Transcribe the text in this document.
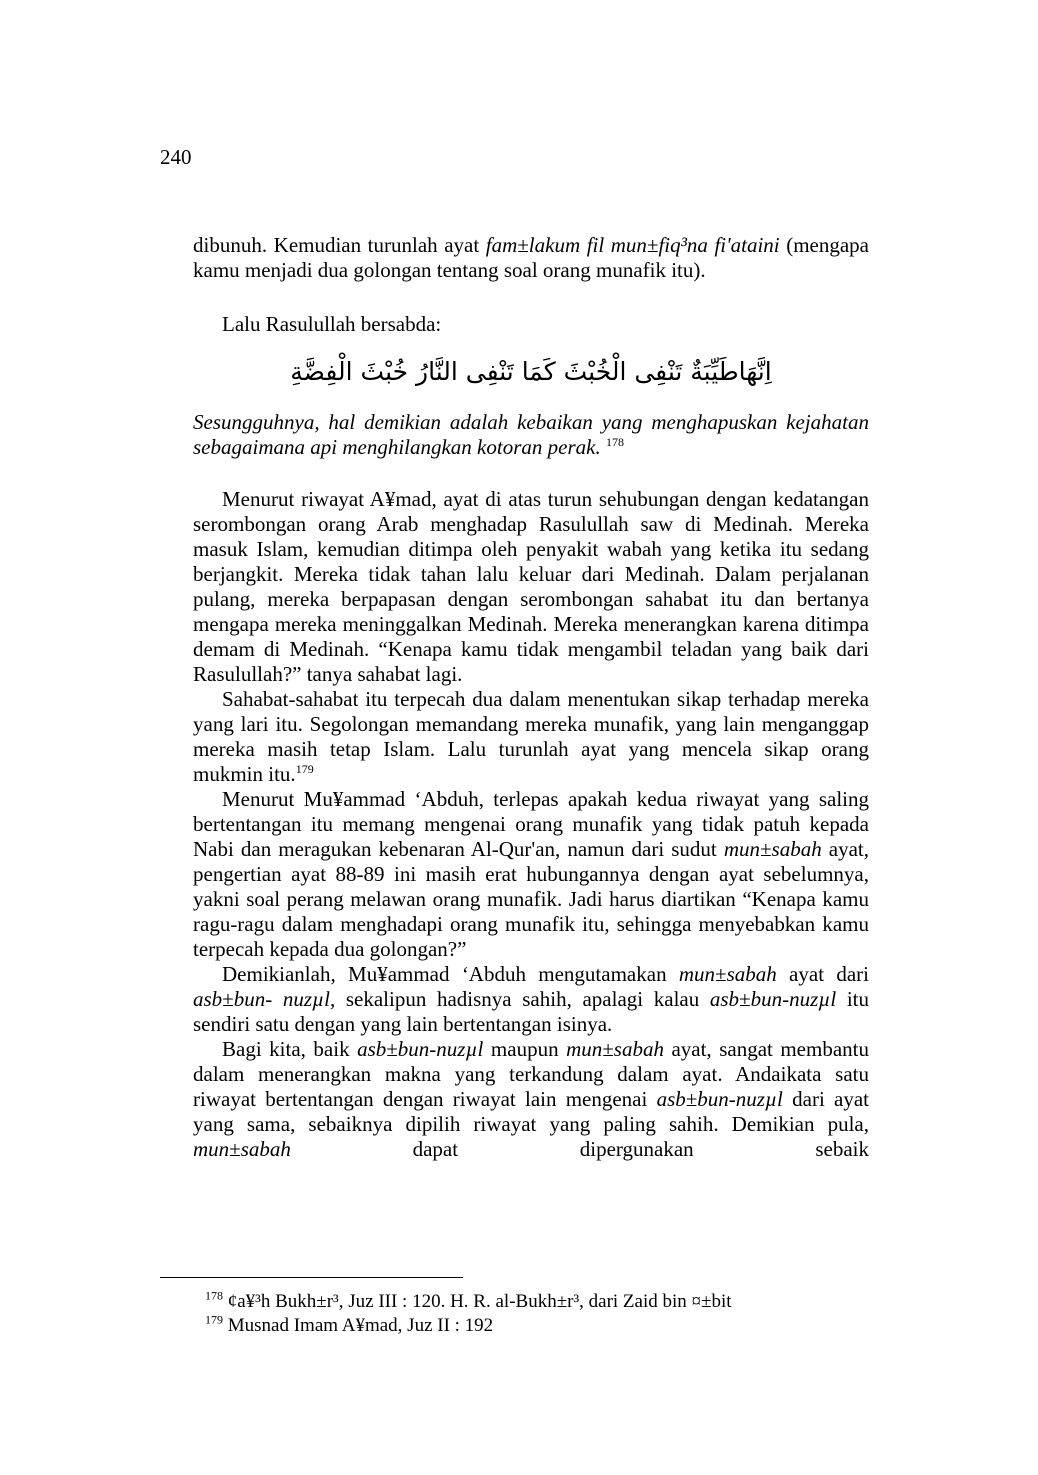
240

dibunuh. Kemudian turunlah ayat fam±lakum fil mun±fiq³na fi'ataini (mengapa kamu menjadi dua golongan tentang soal orang munafik itu).

Lalu Rasulullah bersabda:

اِنَّهَاطَيِّبَةٌ تَنْفِى الْخُبْثَ كَمَا تَنْفِى النَّارُ خُبْثَ الْفِضَّةِ
Sesungguhnya, hal demikian adalah kebaikan yang menghapuskan kejahatan sebagaimana api menghilangkan kotoran perak. $^{178}$

Menurut riwayat A¥mad, ayat di atas turun sehubungan dengan kedatangan serombongan orang Arab menghadap Rasulullah saw di Medinah. Mereka masuk Islam, kemudian ditimpa oleh penyakit wabah yang ketika itu sedang berjangkit. Mereka tidak tahan lalu keluar dari Medinah. Dalam perjalanan pulang, mereka berpapasan dengan serombongan sahabat itu dan bertanya mengapa mereka meninggalkan Medinah. Mereka menerangkan karena ditimpa demam di Medinah. “Kenapa kamu tidak mengambil teladan yang baik dari Rasulullah?” tanya sahabat lagi.

Sahabat-sahabat itu terpecah dua dalam menentukan sikap terhadap mereka yang lari itu. Segolongan memandang mereka munafik, yang lain menganggap mereka masih tetap Islam. Lalu turunlah ayat yang mencela sikap orang mukmin itu.$^{179}$

Menurut Mu¥ammad ‘Abduh, terlepas apakah kedua riwayat yang saling bertentangan itu memang mengenai orang munafik yang tidak patuh kepada Nabi dan meragukan kebenaran Al-Qur'an, namun dari sudut mun±sabah ayat, pengertian ayat 88-89 ini masih erat hubungannya dengan ayat sebelumnya, yakni soal perang melawan orang munafik. Jadi harus diartikan “Kenapa kamu ragu-ragu dalam menghadapi orang munafik itu, sehingga menyebabkan kamu terpecah kepada dua golongan?”

Demikianlah, Mu¥ammad ‘Abduh mengutamakan mun±sabah ayat dari asb±bun- nuzµl, sekalipun hadisnya sahih, apalagi kalau asb±bun-nuzµl itu sendiri satu dengan yang lain bertentangan isinya.

Bagi kita, baik asb±bun-nuzµl maupun mun±sabah ayat, sangat membantu dalam menerangkan makna yang terkandung dalam ayat. Andaikata satu riwayat bertentangan dengan riwayat lain mengenai asb±bun-nuzµl dari ayat yang sama, sebaiknya dipilih riwayat yang paling sahih. Demikian pula, mun±sabah dapat dipergunakan sebaik

$^{178}$ ¢a¥³h Bukh±r³, Juz III : 120. H. R. al-Bukh±r³, dari Zaid bin ¤±bit

$^{179}$ Musnad Imam A¥mad, Juz II : 192
